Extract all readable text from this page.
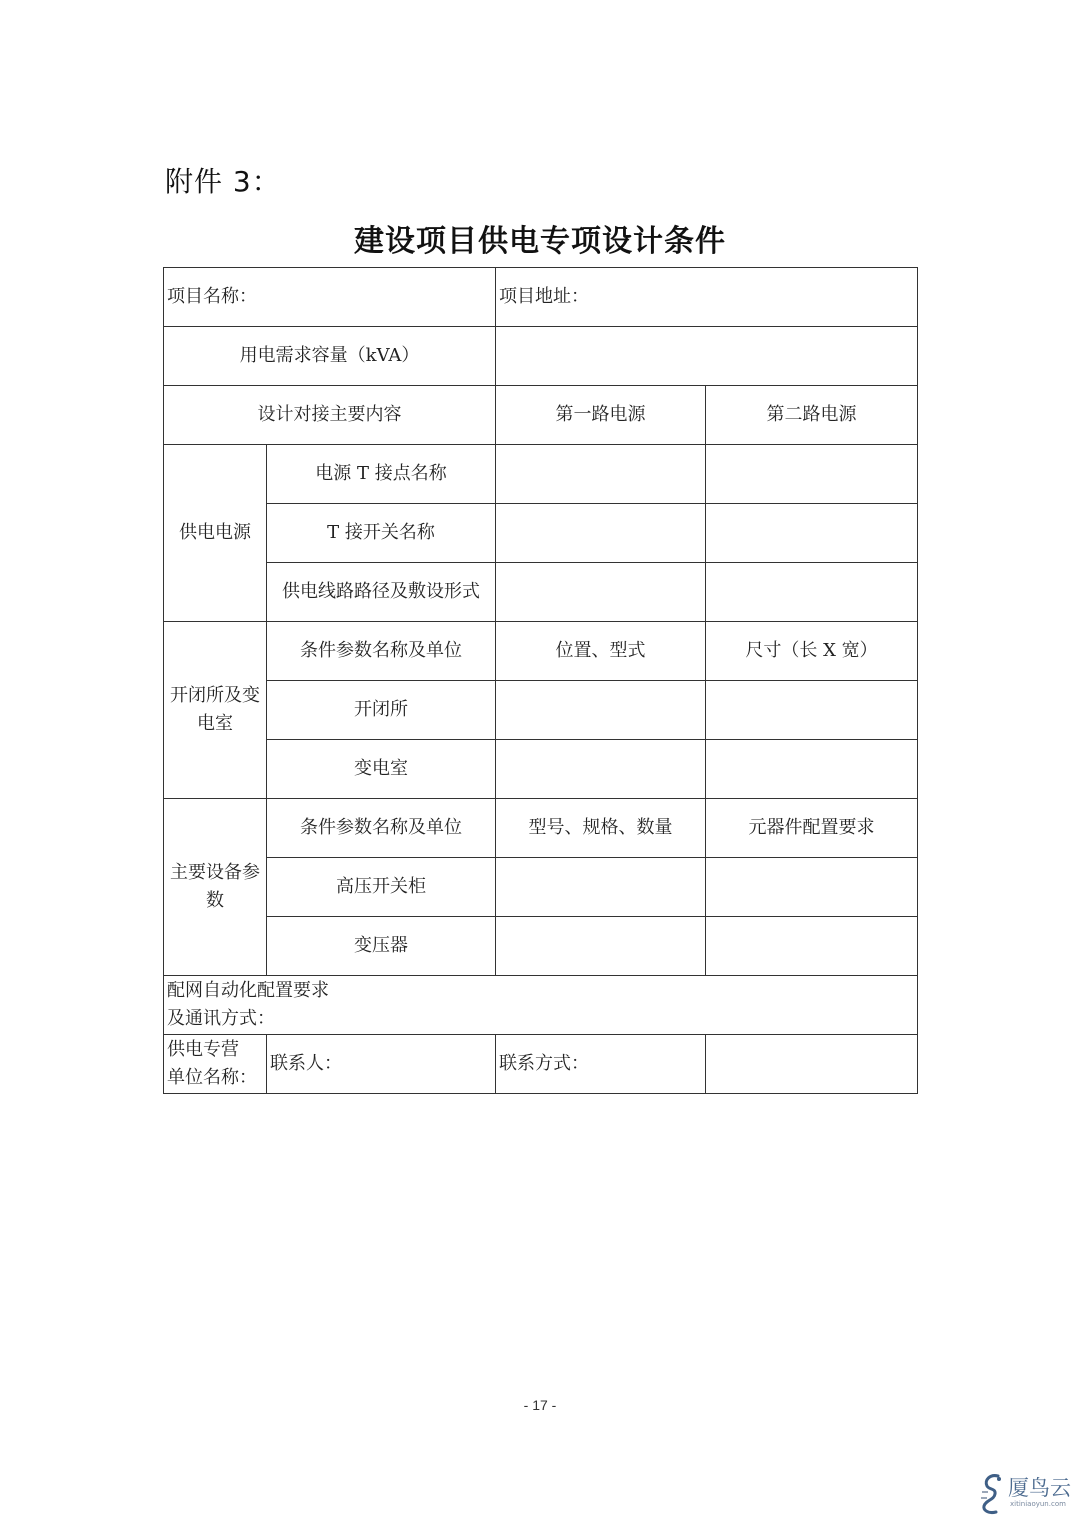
附件 3：
建设项目供电专项设计条件
项目名称：		项目地址：	
用电需求容量（kVA）			
设计对接主要内容		第一路电源	第二路电源
供电电源	电源 T 接点名称		
	T 接开关名称		
	供电线路路径及敷设形式		
开闭所及变电室	条件参数名称及单位	位置、型式	尺寸（长 X 宽）
	开闭所		
	变电室		
主要设备参数	条件参数名称及单位	型号、规格、数量	元器件配置要求
	高压开关柜		
	变压器		
配网自动化配置要求
及通讯方式：			
供电专营
单位名称：	联系人：	联系方式：	
- 17 -
厦鸟云
xitiniaoyun.com
